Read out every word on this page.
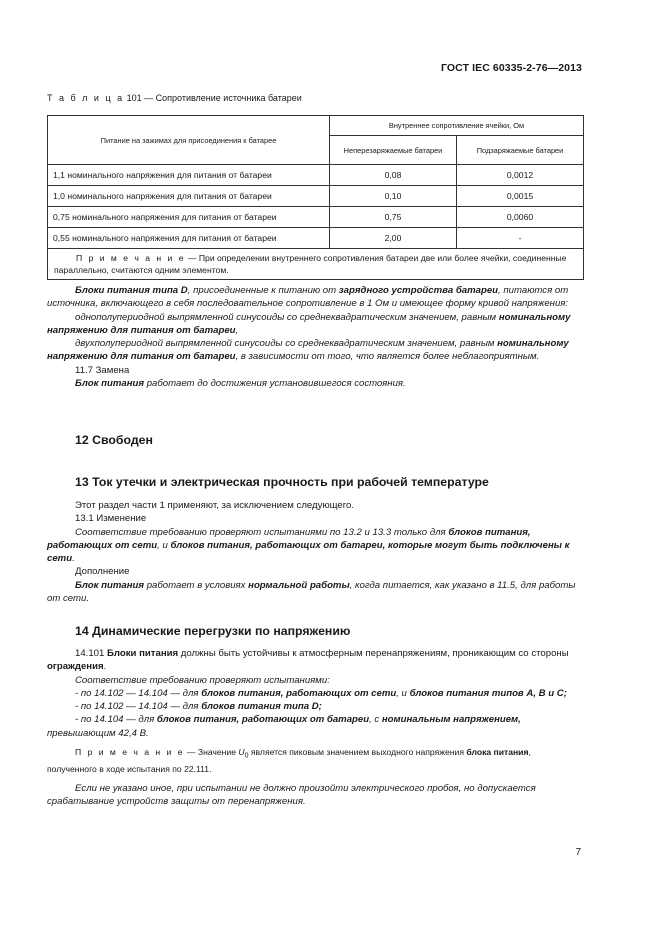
ГОСТ IEC 60335-2-76—2013
Т а б л и ц а 101 — Сопротивление источника батареи
Питание на зажимах для присоединения к батарее	Внутреннее сопротивление ячейки, Ом	
	Неперезаряжаемые батареи	Подзаряжаемые батареи
1,1 номинального напряжения для питания от батареи	0,08	0,0012
1,0 номинального напряжения для питания от батареи	0,10	0,0015
0,75 номинального напряжения для питания от батареи	0,75	0,0060
0,55 номинального напряжения для питания от батареи	2,00	-
П р и м е ч а н и е — При определении внутреннего сопротивления батареи две или более ячейки, соединенные параллельно, считаются одним элементом.		

Блоки питания типа D, присоединенные к питанию от зарядного устройства батареи, питаются от источника, включающего в себя последовательное сопротивление в 1 Ом и имеющее форму кривой напряжения:

однополупериодной выпрямленной синусоиды со среднеквадратическим значением, равным номинальному напряжению для питания от батареи,

двухполупериодной выпрямленной синусоиды со среднеквадратическим значением, равным номинальному напряжению для питания от батареи, в зависимости от того, что является более неблагоприятным.

11.7 Замена

Блок питания работает до достижения установившегося состояния.

12 Свободен
13 Ток утечки и электрическая прочность при рабочей температуре

Этот раздел части 1 применяют, за исключением следующего.

13.1 Изменение

Соответствие требованию проверяют испытаниями по 13.2 и 13.3 только для блоков питания, работающих от сети, и блоков питания, работающих от батареи, которые могут быть подключены к сети.

Дополнение

Блок питания работает в условиях нормальной работы, когда питается, как указано в 11.5, для работы от сети.

14 Динамические перегрузки по напряжению

14.101 Блоки питания должны быть устойчивы к атмосферным перенапряжениям, проникающим со стороны ограждения.

Соответствие требованию проверяют испытаниями:

- по 14.102 — 14.104 — для блоков питания, работающих от сети, и блоков питания типов А, В и С;

- по 14.102 — 14.104 — для блоков питания типа D;

- по 14.104 — для блоков питания, работающих от батареи, с номинальным напряжением, превышающим 42,4 В.

П р и м е ч а н и е — Значение $U_0$ является пиковым значением выходного напряжения блока питания, полученного в ходе испытания по 22.111.

Если не указано иное, при испытании не должно произойти электрического пробоя, но допускается срабатывание устройств защиты от перенапряжения.

7
